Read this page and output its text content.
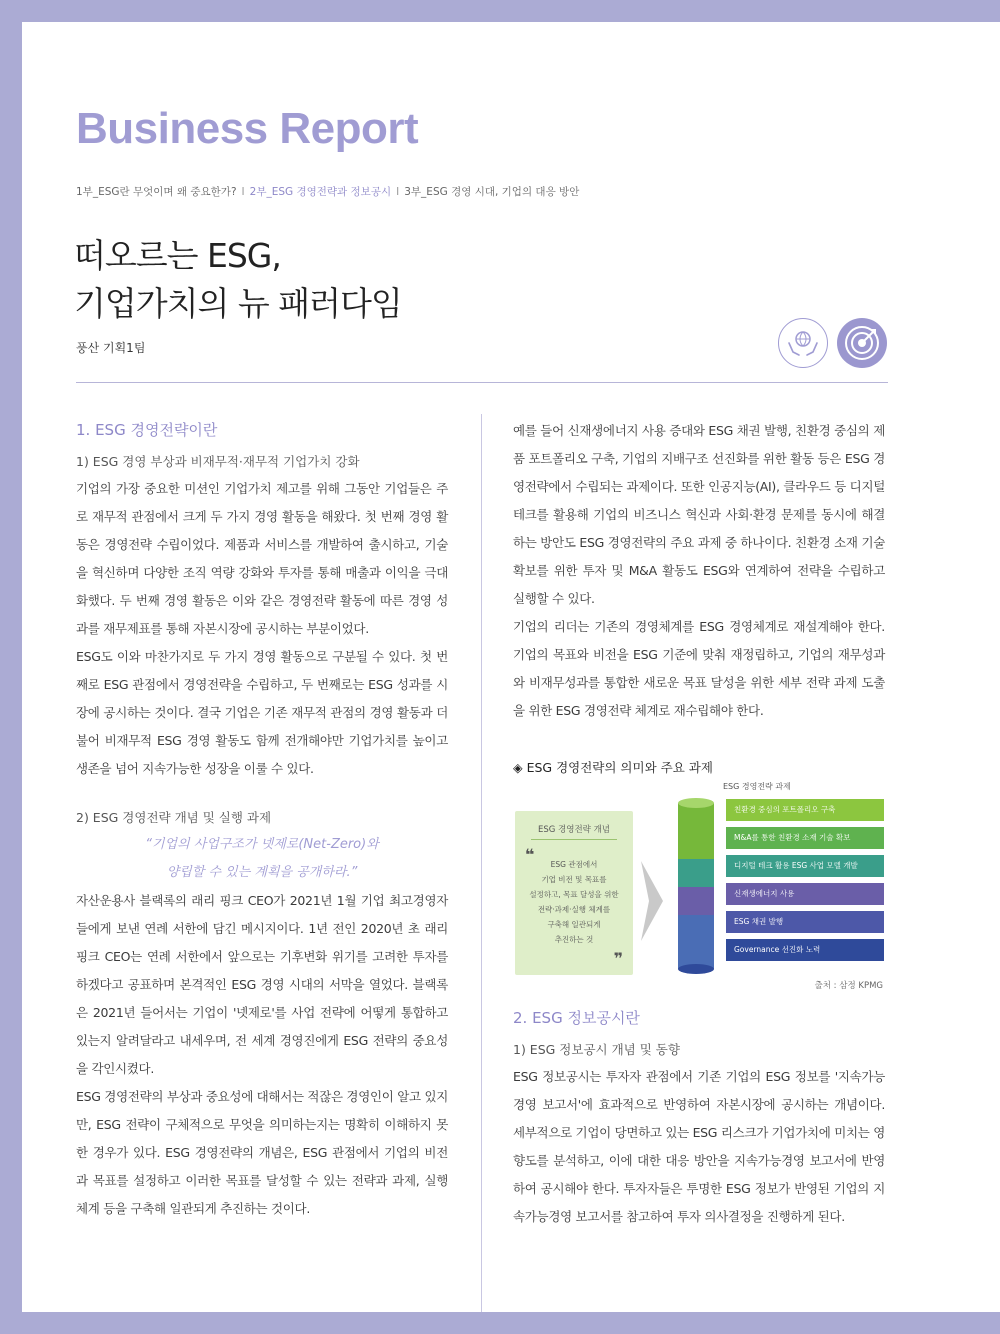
Business Report
1부_ESG란 무엇이며 왜 중요한가? I 2부_ESG 경영전략과 정보공시 I 3부_ESG 경영 시대, 기업의 대응 방안
떠오르는 ESG,
기업가치의 뉴 패러다임
풍산 기획1팀
1. ESG 경영전략이란
1) ESG 경영 부상과 비재무적·재무적 기업가치 강화

기업의 가장 중요한 미션인 기업가치 제고를 위해 그동안 기업들은 주로 재무적 관점에서 크게 두 가지 경영 활동을 해왔다. 첫 번째 경영 활동은 경영전략 수립이었다. 제품과 서비스를 개발하여 출시하고, 기술을 혁신하며 다양한 조직 역량 강화와 투자를 통해 매출과 이익을 극대화했다. 두 번째 경영 활동은 이와 같은 경영전략 활동에 따른 경영 성과를 재무제표를 통해 자본시장에 공시하는 부분이었다.

ESG도 이와 마찬가지로 두 가지 경영 활동으로 구분될 수 있다. 첫 번째로 ESG 관점에서 경영전략을 수립하고, 두 번째로는 ESG 성과를 시장에 공시하는 것이다. 결국 기업은 기존 재무적 관점의 경영 활동과 더불어 비재무적 ESG 경영 활동도 함께 전개해야만 기업가치를 높이고 생존을 넘어 지속가능한 성장을 이룰 수 있다.

2) ESG 경영전략 개념 및 실행 과제
“기업의 사업구조가 넷제로(Net-Zero)와
양립할 수 있는 계획을 공개하라.”

자산운용사 블랙록의 래리 핑크 CEO가 2021년 1월 기업 최고경영자들에게 보낸 연례 서한에 담긴 메시지이다. 1년 전인 2020년 초 래리 핑크 CEO는 연례 서한에서 앞으로는 기후변화 위기를 고려한 투자를 하겠다고 공표하며 본격적인 ESG 경영 시대의 서막을 열었다. 블랙록은 2021년 들어서는 기업이 '넷제로'를 사업 전략에 어떻게 통합하고 있는지 알려달라고 내세우며, 전 세계 경영진에게 ESG 전략의 중요성을 각인시켰다.

ESG 경영전략의 부상과 중요성에 대해서는 적잖은 경영인이 알고 있지만, ESG 전략이 구체적으로 무엇을 의미하는지는 명확히 이해하지 못한 경우가 있다. ESG 경영전략의 개념은, ESG 관점에서 기업의 비전과 목표를 설정하고 이러한 목표를 달성할 수 있는 전략과 과제, 실행 체계 등을 구축해 일관되게 추진하는 것이다.

예를 들어 신재생에너지 사용 증대와 ESG 채권 발행, 친환경 중심의 제품 포트폴리오 구축, 기업의 지배구조 선진화를 위한 활동 등은 ESG 경영전략에서 수립되는 과제이다. 또한 인공지능(AI), 클라우드 등 디지털 테크를 활용해 기업의 비즈니스 혁신과 사회·환경 문제를 동시에 해결하는 방안도 ESG 경영전략의 주요 과제 중 하나이다. 친환경 소재 기술 확보를 위한 투자 및 M&A 활동도 ESG와 연계하여 전략을 수립하고 실행할 수 있다.

기업의 리더는 기존의 경영체계를 ESG 경영체계로 재설계해야 한다. 기업의 목표와 비전을 ESG 기준에 맞춰 재정립하고, 기업의 재무성과와 비재무성과를 통합한 새로운 목표 달성을 위한 세부 전략 과제 도출을 위한 ESG 경영전략 체계로 재수립해야 한다.

◈ ESG 경영전략의 의미와 주요 과제
ESG 경영전략 과제
ESG 경영전략 개념
❝
ESG 관점에서
기업 비전 및 목표를
설정하고, 목표 달성을 위한
전략·과제·실행 체계를
구축해 일관되게
추진하는 것
❞
친환경 중심의 포트폴리오 구축
M&A를 통한 친환경 소재 기술 확보
디지털 테크 활용 ESG 사업 모델 개발
신재생에너지 사용
ESG 채권 발행
Governance 선진화 노력
출처 : 삼정 KPMG
2. ESG 정보공시란
1) ESG 정보공시 개념 및 동향

ESG 정보공시는 투자자 관점에서 기존 기업의 ESG 정보를 '지속가능경영 보고서'에 효과적으로 반영하여 자본시장에 공시하는 개념이다. 세부적으로 기업이 당면하고 있는 ESG 리스크가 기업가치에 미치는 영향도를 분석하고, 이에 대한 대응 방안을 지속가능경영 보고서에 반영하여 공시해야 한다. 투자자들은 투명한 ESG 정보가 반영된 기업의 지속가능경영 보고서를 참고하여 투자 의사결정을 진행하게 된다.
